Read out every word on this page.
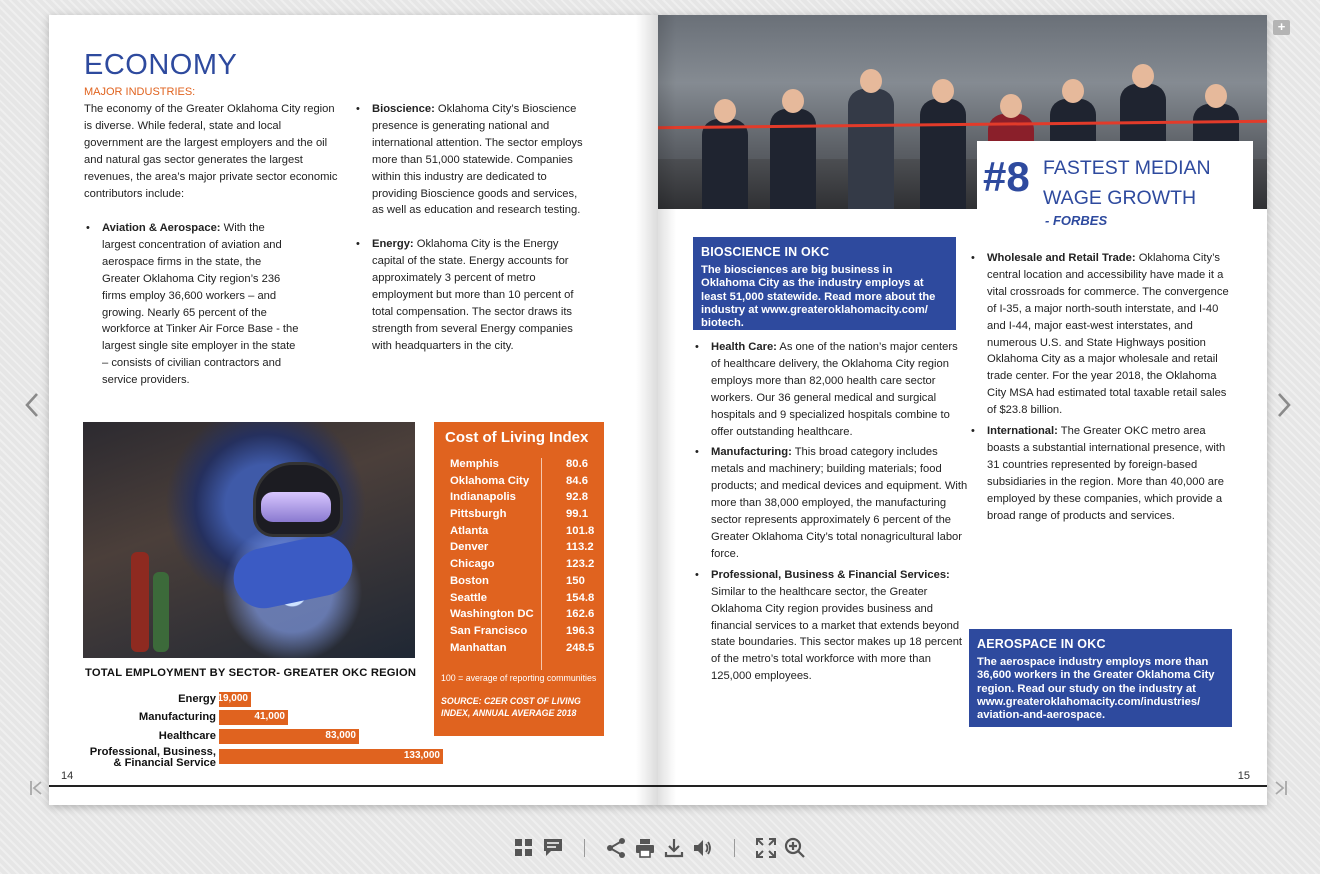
ECONOMY
MAJOR INDUSTRIES:

The economy of the Greater Oklahoma City region is diverse. While federal, state and local government are the largest employers and the oil and natural gas sector generates the largest revenues, the area’s major private sector economic contributors include:

• Aviation & Aerospace: With the largest concentration of aviation and aerospace firms in the state, the Greater Oklahoma City region’s 236 firms employ 36,600 workers – and growing. Nearly 65 percent of the workforce at Tinker Air Force Base - the largest single site employer in the state – consists of civilian contractors and service providers.
• Bioscience: Oklahoma City’s Bioscience presence is generating national and international attention. The sector employs more than 51,000 statewide. Companies within this industry are dedicated to providing Bioscience goods and services, as well as education and research testing.
• Energy: Oklahoma City is the Energy capital of the state. Energy accounts for approximately 3 percent of metro employment but more than 10 percent of total compensation. The sector draws its strength from several Energy companies with headquarters in the city.
TOTAL EMPLOYMENT BY SECTOR- GREATER OKC REGION
Energy 19,000
Manufacturing	41,000
Healthcare	83,000
Professional, Business,
& Financial Service
133,000
Cost of Living Index
Memphis	80.6
Oklahoma City	84.6
Indianapolis	92.8
Pittsburgh	99.1
Atlanta	101.8
Denver	113.2
Chicago	123.2
Boston	150
Seattle	154.8
Washington DC	162.6
San Francisco	196.3
Manhattan	248.5
100 = average of reporting communities
SOURCE: C2ER COST OF LIVING INDEX, ANNUAL AVERAGE 2018
14
#8 FASTEST MEDIAN WAGE GROWTH
- FORBES
BIOSCIENCE IN OKC
The biosciences are big business in Oklahoma City as the industry employs at least 51,000 statewide. Read more about the industry at www.greateroklahomacity.com/ biotech.
• Health Care: As one of the nation’s major centers of healthcare delivery, the Oklahoma City region employs more than 82,000 health care sector workers. Our 36 general medical and surgical hospitals and 9 specialized hospitals combine to offer outstanding healthcare.
• Manufacturing: This broad category includes metals and machinery; building materials; food products; and medical devices and equipment. With more than 38,000 employed, the manufacturing sector represents approximately 6 percent of the Greater Oklahoma City’s total nonagricultural labor force.
• Professional, Business & Financial Services: Similar to the healthcare sector, the Greater Oklahoma City region provides business and financial services to a market that extends beyond state boundaries. This sector makes up 18 percent of the metro’s total workforce with more than 125,000 employees.
• Wholesale and Retail Trade: Oklahoma City’s central location and accessibility have made it a vital crossroads for commerce. The convergence of I-35, a major north-south interstate, and I-40 and I-44, major east-west interstates, and numerous U.S. and State Highways position Oklahoma City as a major wholesale and retail trade center. For the year 2018, the Oklahoma City MSA had estimated total taxable retail sales of $23.8 billion.
• International: The Greater OKC metro area boasts a substantial international presence, with 31 countries represented by foreign-based subsidiaries in the region. More than 40,000 are employed by these companies, which provide a broad range of products and services.
AEROSPACE IN OKC
The aerospace industry employs more than 36,600 workers in the Greater Oklahoma City region. Read our study on the industry at www.greateroklahomacity.com/industries/ aviation-and-aerospace.
15
+
